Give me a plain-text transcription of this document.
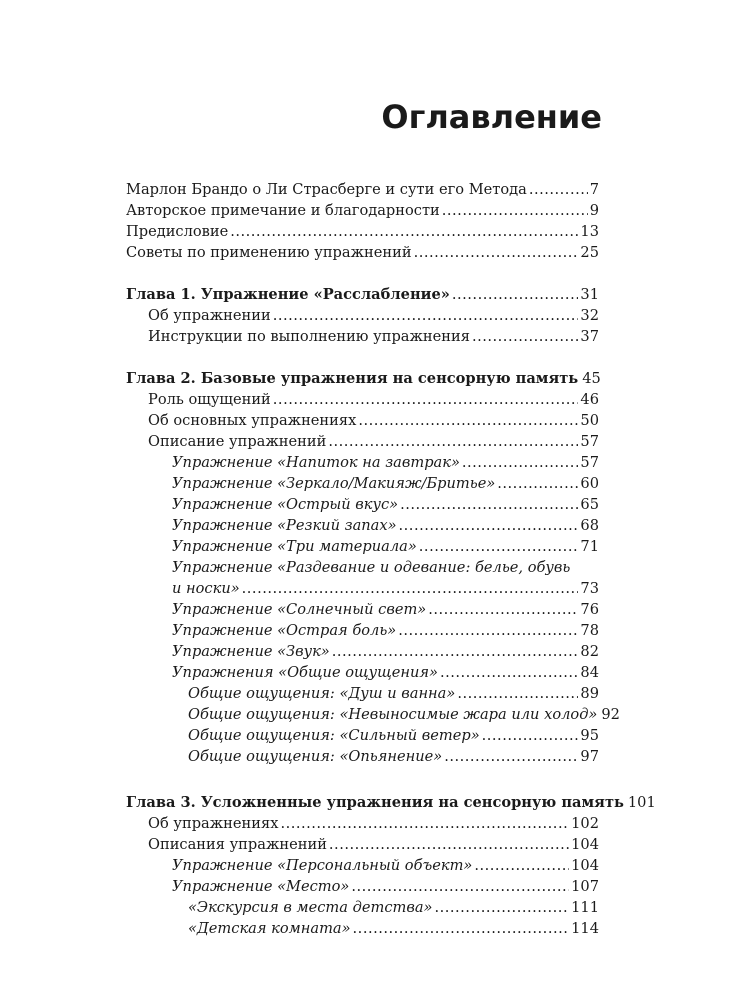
Оглавление
Марлон Брандо о Ли Страсберге и сути его Метода .....	7
Авторское примечание и благодарности .....	9
Предисловие .....	13
Советы по применению упражнений .....	25
Глава 1. Упражнение «Расслабление» .....	31
Об упражнении .....	32
Инструкции по выполнению упражнения .....	37
Глава 2. Базовые упражнения на сенсорную память 45
Роль ощущений .....	46
Об основных упражнениях .....	50
Описание упражнений .....	57
Упражнение «Напиток на завтрак» .....	57
Упражнение «Зеркало/Макияж/Бритье» .....	60
Упражнение «Острый вкус» .....	65
Упражнение «Резкий запах» .....	68
Упражнение «Три материала» .....	71
Упражнение «Раздевание и одевание: белье, обувь
и носки» .....	73
Упражнение «Солнечный свет» .....	76
Упражнение «Острая боль» .....	78
Упражнение «Звук» .....	82
Упражнения «Общие ощущения» .....	84
Общие ощущения: «Душ и ванна» .....	89
Общие ощущения: «Невыносимые жара или холод» 92
Общие ощущения: «Сильный ветер» .....	95
Общие ощущения: «Опьянение» .....	97
Глава 3. Усложненные упражнения на сенсорную память 101
Об упражнениях .....	102
Описания упражнений .....	104
Упражнение «Персональный объект» .....	104
Упражнение «Место» .....	107
«Экскурсия в места детства» .....	111
«Детская комната» .....	114
